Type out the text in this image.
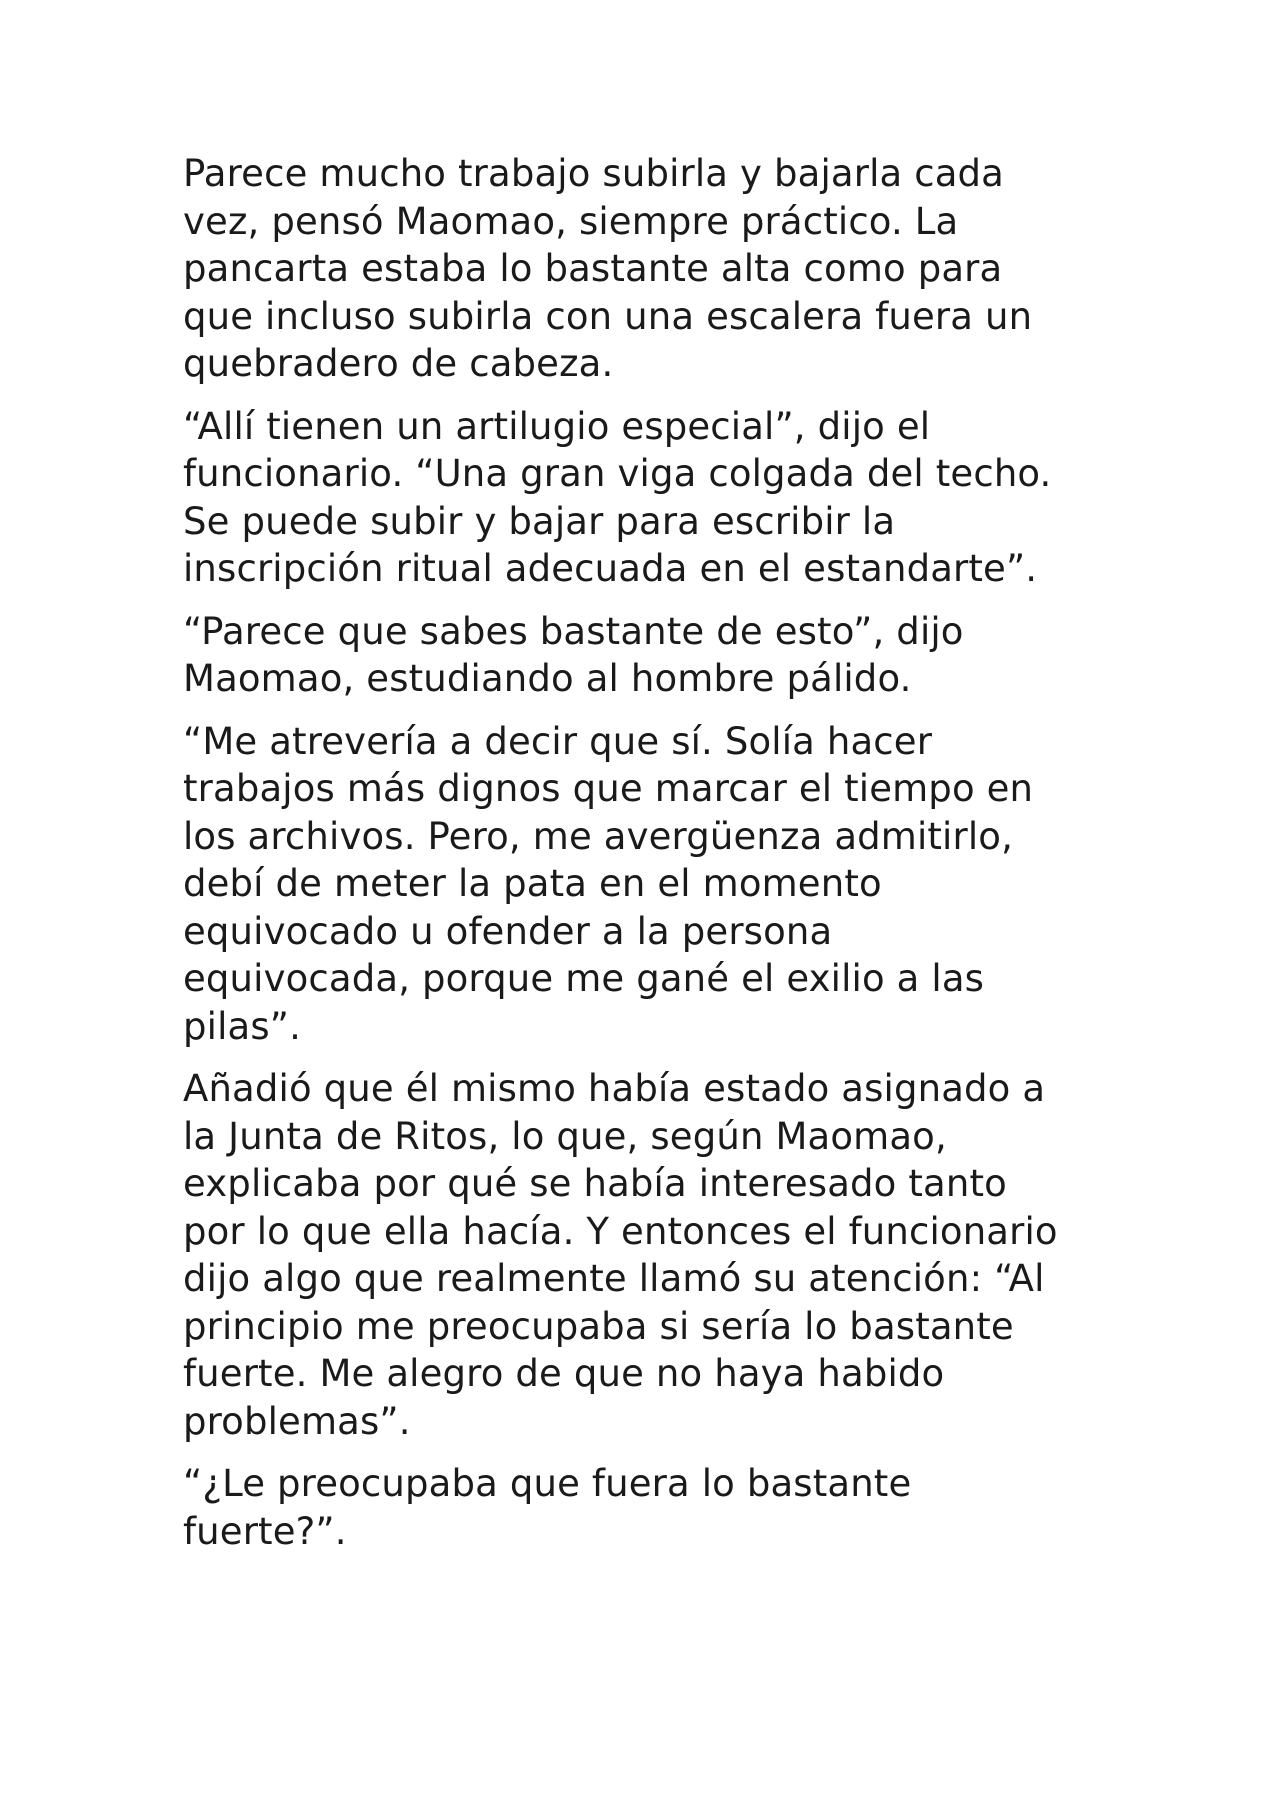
Parece mucho trabajo subirla y bajarla cada
vez, pensó Maomao, siempre práctico. La
pancarta estaba lo bastante alta como para
que incluso subirla con una escalera fuera un
quebradero de cabeza.

“Allí tienen un artilugio especial”, dijo el
funcionario. “Una gran viga colgada del techo.
Se puede subir y bajar para escribir la
inscripción ritual adecuada en el estandarte”.

“Parece que sabes bastante de esto”, dijo
Maomao, estudiando al hombre pálido.

“Me atrevería a decir que sí. Solía hacer
trabajos más dignos que marcar el tiempo en
los archivos. Pero, me avergüenza admitirlo,
debí de meter la pata en el momento
equivocado u ofender a la persona
equivocada, porque me gané el exilio a las
pilas”.

Añadió que él mismo había estado asignado a
la Junta de Ritos, lo que, según Maomao,
explicaba por qué se había interesado tanto
por lo que ella hacía. Y entonces el funcionario
dijo algo que realmente llamó su atención: “Al
principio me preocupaba si sería lo bastante
fuerte. Me alegro de que no haya habido
problemas”.

“¿Le preocupaba que fuera lo bastante
fuerte?”.
